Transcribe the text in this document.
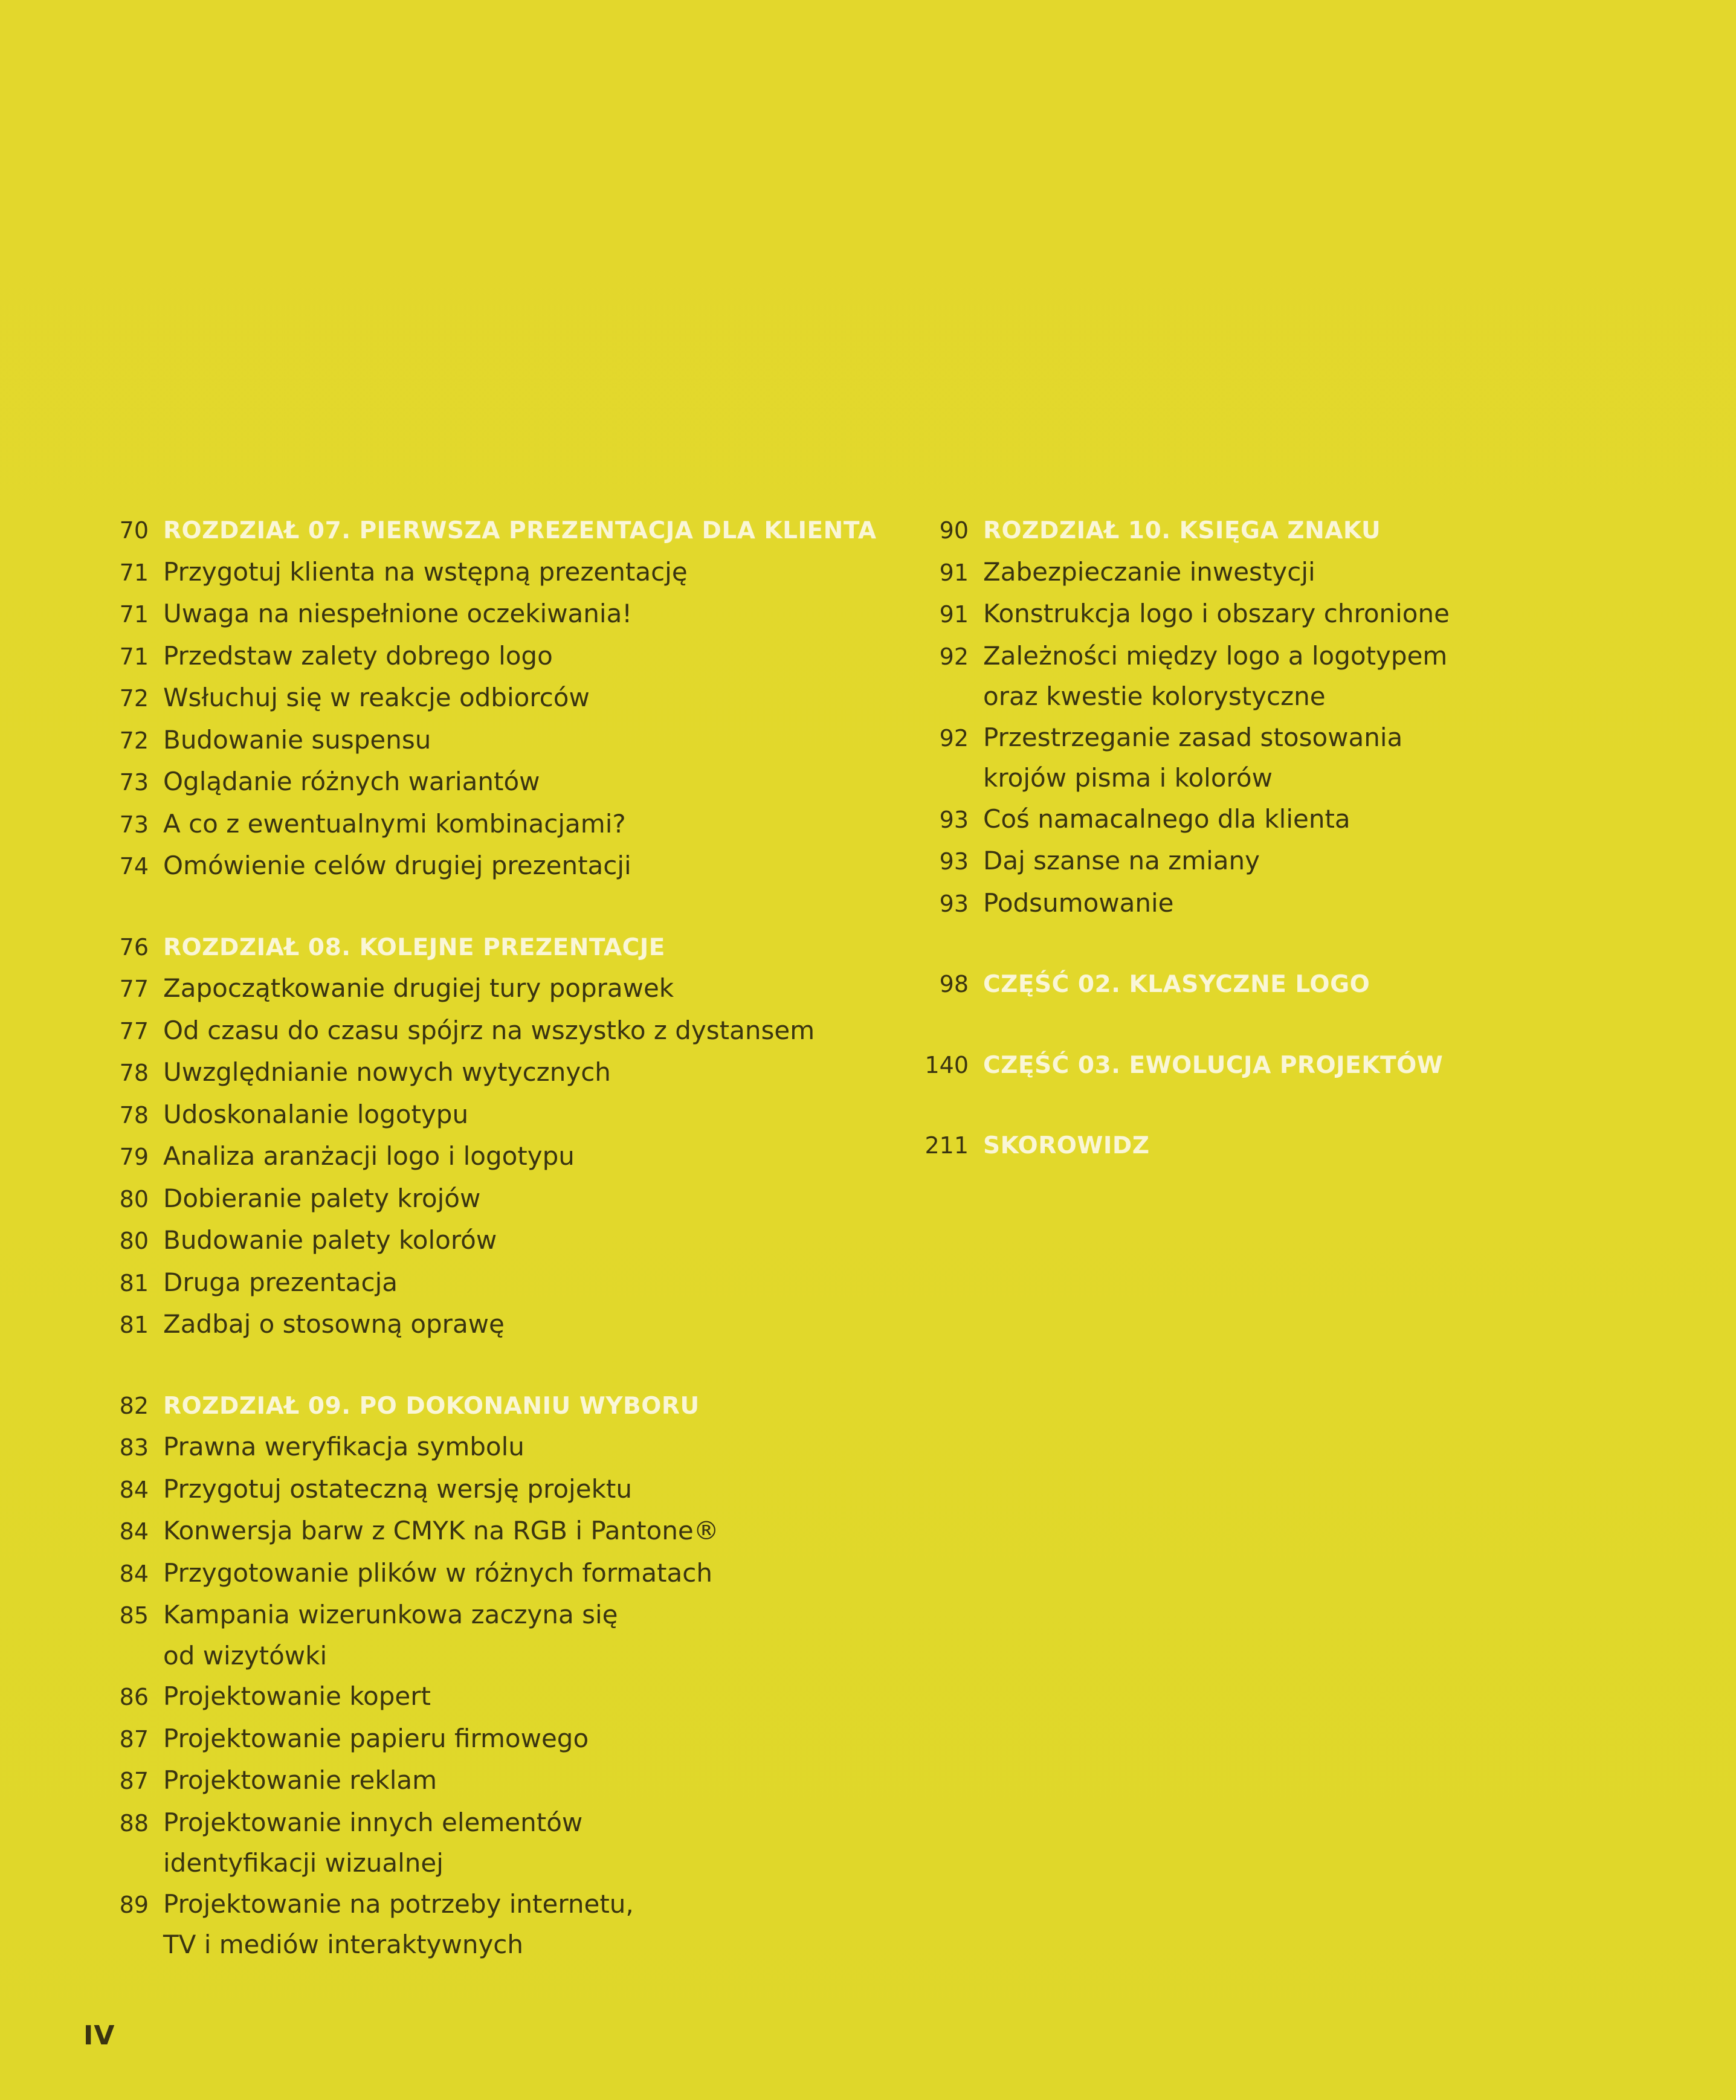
70 ROZDZIAŁ 07. PIERWSZA PREZENTACJA DLA KLIENTA
71 Przygotuj klienta na wstępną prezentację
71 Uwaga na niespełnione oczekiwania!
71 Przedstaw zalety dobrego logo
72 Wsłuchuj się w reakcje odbiorców
72 Budowanie suspensu
73 Oglądanie różnych wariantów
73 A co z ewentualnymi kombinacjami?
74 Omówienie celów drugiej prezentacji
76 ROZDZIAŁ 08. KOLEJNE PREZENTACJE
77 Zapoczątkowanie drugiej tury poprawek
77 Od czasu do czasu spójrz na wszystko z dystansem
78 Uwzględnianie nowych wytycznych
78 Udoskonalanie logotypu
79 Analiza aranżacji logo i logotypu
80 Dobieranie palety krojów
80 Budowanie palety kolorów
81 Druga prezentacja
81 Zadbaj o stosowną oprawę
82 ROZDZIAŁ 09. PO DOKONANIU WYBORU
83 Prawna weryfikacja symbolu
84 Przygotuj ostateczną wersję projektu
84 Konwersja barw z CMYK na RGB i Pantone®
84 Przygotowanie plików w różnych formatach
85 Kampania wizerunkowa zaczyna się
od wizytówki
86 Projektowanie kopert
87 Projektowanie papieru firmowego
87 Projektowanie reklam
88 Projektowanie innych elementów
identyfikacji wizualnej
89 Projektowanie na potrzeby internetu,
TV i mediów interaktywnych
90 ROZDZIAŁ 10. KSIĘGA ZNAKU
91 Zabezpieczanie inwestycji
91 Konstrukcja logo i obszary chronione
92 Zależności między logo a logotypem
oraz kwestie kolorystyczne
92 Przestrzeganie zasad stosowania
krojów pisma i kolorów
93 Coś namacalnego dla klienta
93 Daj szanse na zmiany
93 Podsumowanie
98 CZĘŚĆ 02. KLASYCZNE LOGO
140 CZĘŚĆ 03. EWOLUCJA PROJEKTÓW
211 SKOROWIDZ
IV
